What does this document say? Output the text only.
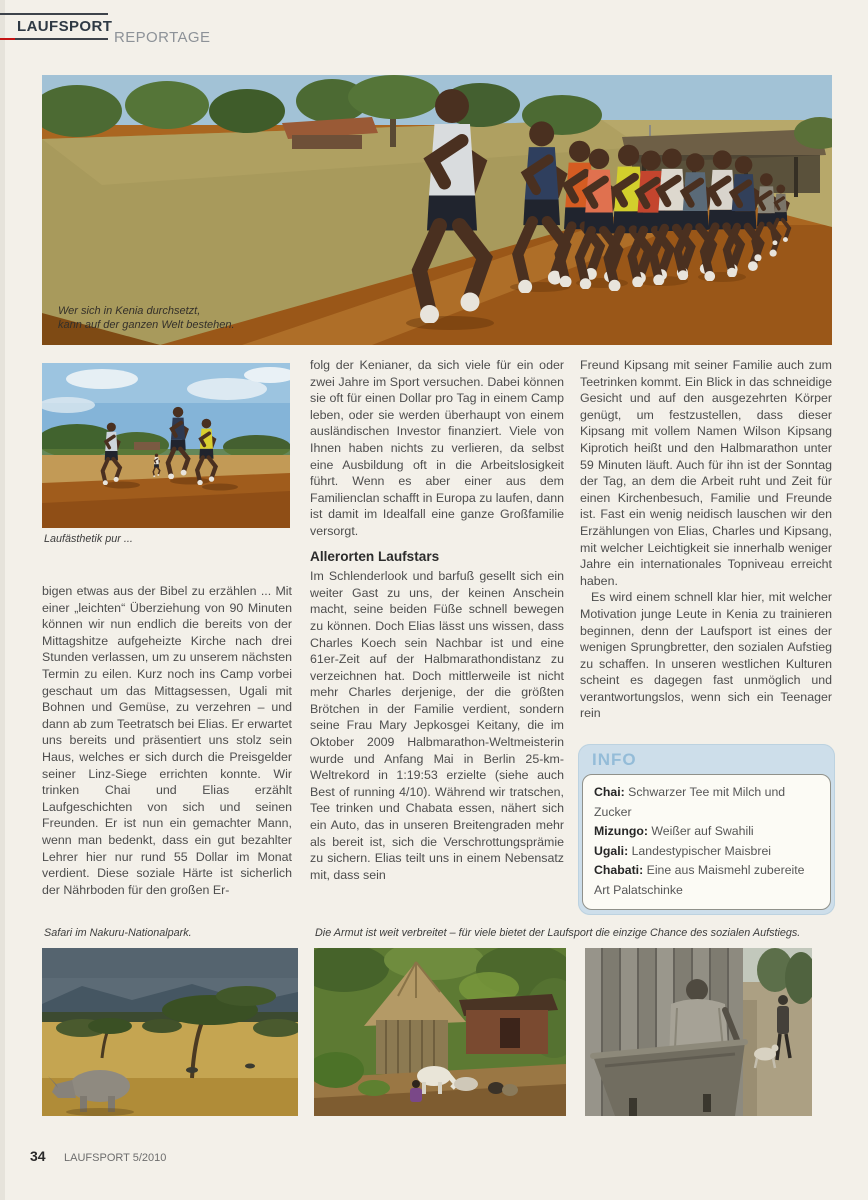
LAUFSPORT
REPORTAGE
Wer sich in Kenia durchsetzt,
kann auf der ganzen Welt bestehen.

bigen etwas aus der Bibel zu erzählen ... Mit einer „leichten“ Überziehung von 90 Minuten können wir nun endlich die bereits von der Mittagshitze aufgeheizte Kirche nach drei Stunden verlassen, um zu unserem nächsten Termin zu eilen. Kurz noch ins Camp vorbei geschaut um das Mittagsessen, Ugali mit Bohnen und Gemüse, zu verzehren – und dann ab zum Teetratsch bei Elias. Er erwartet uns bereits und präsentiert uns stolz sein Haus, welches er sich durch die Preisgelder seiner Linz-Siege errichten konnte. Wir trinken Chai und Elias erzählt Laufgeschichten von sich und seinen Freunden. Er ist nun ein gemachter Mann, wenn man bedenkt, dass ein gut bezahlter Lehrer hier nur rund 55 Dollar im Monat verdient. Diese soziale Härte ist sicherlich der Nährboden für den großen Er-

folg der Kenianer, da sich viele für ein oder zwei Jahre im Sport versuchen. Dabei können sie oft für einen Dollar pro Tag in einem Camp leben, oder sie werden überhaupt von einem ausländischen Investor finanziert. Viele von Ihnen haben nichts zu verlieren, da selbst eine Ausbildung oft in die Arbeitslosigkeit führt. Wenn es aber einer aus dem Familienclan schafft in Europa zu laufen, dann ist damit im Idealfall eine ganze Großfamilie versorgt.

Allerorten Laufstars

Im Schlenderlook und barfuß gesellt sich ein weiter Gast zu uns, der keinen Anschein macht, seine beiden Füße schnell bewegen zu können. Doch Elias lässt uns wissen, dass Charles Koech sein Nachbar ist und eine 61er-Zeit auf der Halbmarathondistanz zu verzeichnen hat. Doch mittlerweile ist nicht mehr Charles derjenige, der die größten Brötchen in der Familie verdient, sondern seine Frau Mary Jepkosgei Keitany, die im Oktober 2009 Halbmarathon-Weltmeisterin wurde und Anfang Mai in Berlin 25-km-Weltrekord in 1:19:53 erzielte (siehe auch Best of running 4/10). Während wir tratschen, Tee trinken und Chabata essen, nähert sich ein Auto, das in unseren Breitengraden mehr als bereit ist, sich die Verschrottungsprämie zu sichern. Elias teilt uns in einem Nebensatz mit, dass sein

Freund Kipsang mit seiner Familie auch zum Teetrinken kommt. Ein Blick in das schneidige Gesicht und auf den ausgezehrten Körper genügt, um festzustellen, dass dieser Kipsang mit vollem Namen Wilson Kipsang Kiprotich heißt und den Halbmarathon unter 59 Minuten läuft. Auch für ihn ist der Sonntag der Tag, an dem die Arbeit ruht und Zeit für einen Kirchenbesuch, Familie und Freunde ist. Fast ein wenig neidisch lauschen wir den Erzählungen von Elias, Charles und Kipsang, mit welcher Leichtigkeit sie innerhalb weniger Jahre ein internationales Topniveau erreicht haben.

Es wird einem schnell klar hier, mit welcher Motivation junge Leute in Kenia zu trainieren beginnen, denn der Laufsport ist eines der wenigen Sprungbretter, den sozialen Aufstieg zu schaffen. In unseren westlichen Kulturen scheint es dagegen fast unmöglich und verantwortungslos, wenn sich ein Teenager rein

INFO
Chai: Schwarzer Tee mit Milch und Zucker
Mizungo: Weißer auf Swahili
Ugali: Landestypischer Maisbrei
Chabati: Eine aus Maismehl zubereite Art Palatschinke
Laufästhetik pur ...
Safari im Nakuru-Nationalpark.	Die Armut ist weit verbreitet – für viele bietet der Laufsport die einzige Chance des sozialen Aufstiegs.
34 LAUFSPORT 5/2010
